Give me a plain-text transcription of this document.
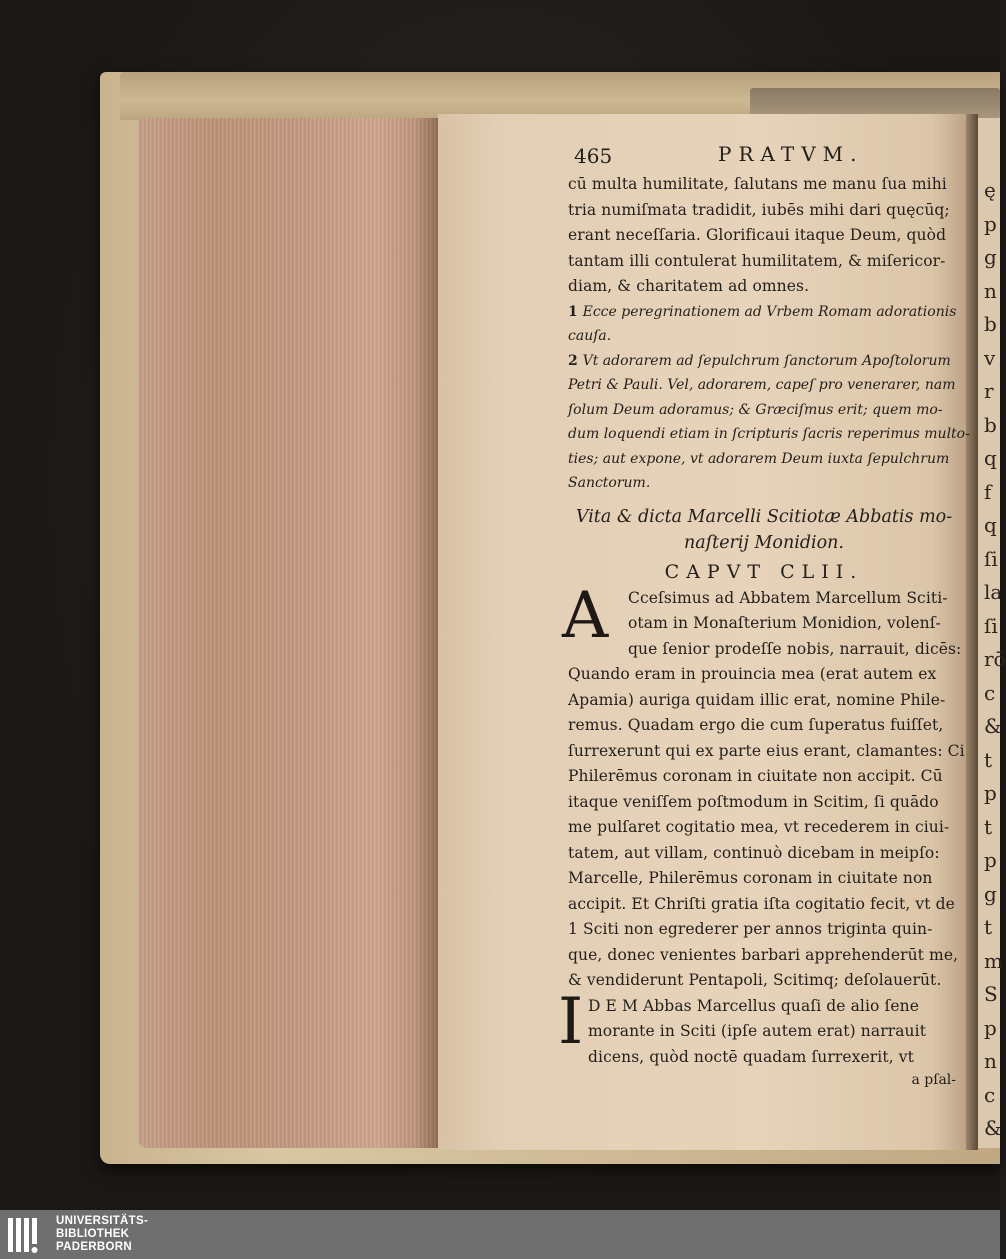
ę
p
g
n
b
v
r
b
q
f
q
ſi
la
ſi
rō
c
&
t
p
t
p
g
t
m
S
p
n
c
&
465	PRATVM.
cū multa humilitate, ſalutans me manu ſua mihi
tria numiſmata tradidit, iubēs mihi dari quęcūq;
erant neceſſaria. Glorificaui itaque Deum, quòd
tantam illi contulerat humilitatem, & miſericor-
diam, & charitatem ad omnes.
1 Ecce peregrinationem ad Vrbem Romam adorationis
cauſa.
2 Vt adorarem ad ſepulchrum ſanctorum Apoſtolorum
Petri & Pauli. Vel, adorarem, capeſ pro venerarer, nam
ſolum Deum adoramus; & Græciſmus erit; quem mo-
dum loquendi etiam in ſcripturis ſacris reperimus multo-
ties; aut expone, vt adorarem Deum iuxta ſepulchrum
Sanctorum.
Vita & dicta Marcelli Scitiotæ Abbatis mo-
naſterij Monidion.
CAPVT CLII.
A Cceſsimus ad Abbatem Marcellum Sciti-
otam in Monaſterium Monidion, volenſ-
que ſenior prodeſſe nobis, narrauit, dicēs:
Quando eram in prouincia mea (erat autem ex
Apamia) auriga quidam illic erat, nomine Phile-
remus. Quadam ergo die cum ſuperatus fuiſſet,
ſurrexerunt qui ex parte eius erant, clamantes: Ci
Philerēmus coronam in ciuitate non accipit. Cū
itaque veniſſem poſtmodum in Scitim, ſi quādo
me pulſaret cogitatio mea, vt recederem in ciui-
tatem, aut villam, continuò dicebam in meipſo:
Marcelle, Philerēmus coronam in ciuitate non
accipit. Et Chriſti gratia iſta cogitatio fecit, vt de
1 Sciti non egrederer per annos triginta quin-
que, donec venientes barbari apprehenderūt me,
& vendiderunt Pentapoli, Scitimq; deſolauerūt.
I D E M Abbas Marcellus quaſi de alio ſene
morante in Sciti (ipſe autem erat) narrauit
dicens, quòd noctē quadam ſurrexerit, vt
a pſal-
UNIVERSITÄTS-
BIBLIOTHEK
PADERBORN
